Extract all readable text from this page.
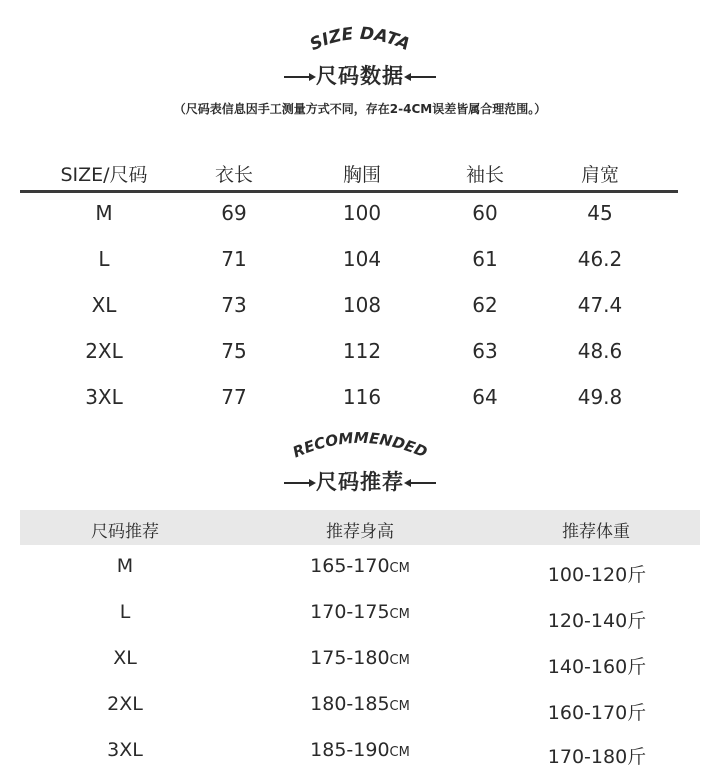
SIZE DATA
尺码数据
（尺码表信息因手工测量方式不同，存在2-4CM误差皆属合理范围。）
SIZE/尺码	衣长	胸围	袖长	肩宽
M	69	100	60	45
L	71	104	61	46.2
XL	73	108	62	47.4
2XL	75	112	63	48.6
3XL	77	116	64	49.8
RECOMMENDED
尺码推荐
尺码推荐	推荐身高	推荐体重
M	165-170CM	100-120斤
L	170-175CM	120-140斤
XL	175-180CM	140-160斤
2XL	180-185CM	160-170斤
3XL	185-190CM	170-180斤
